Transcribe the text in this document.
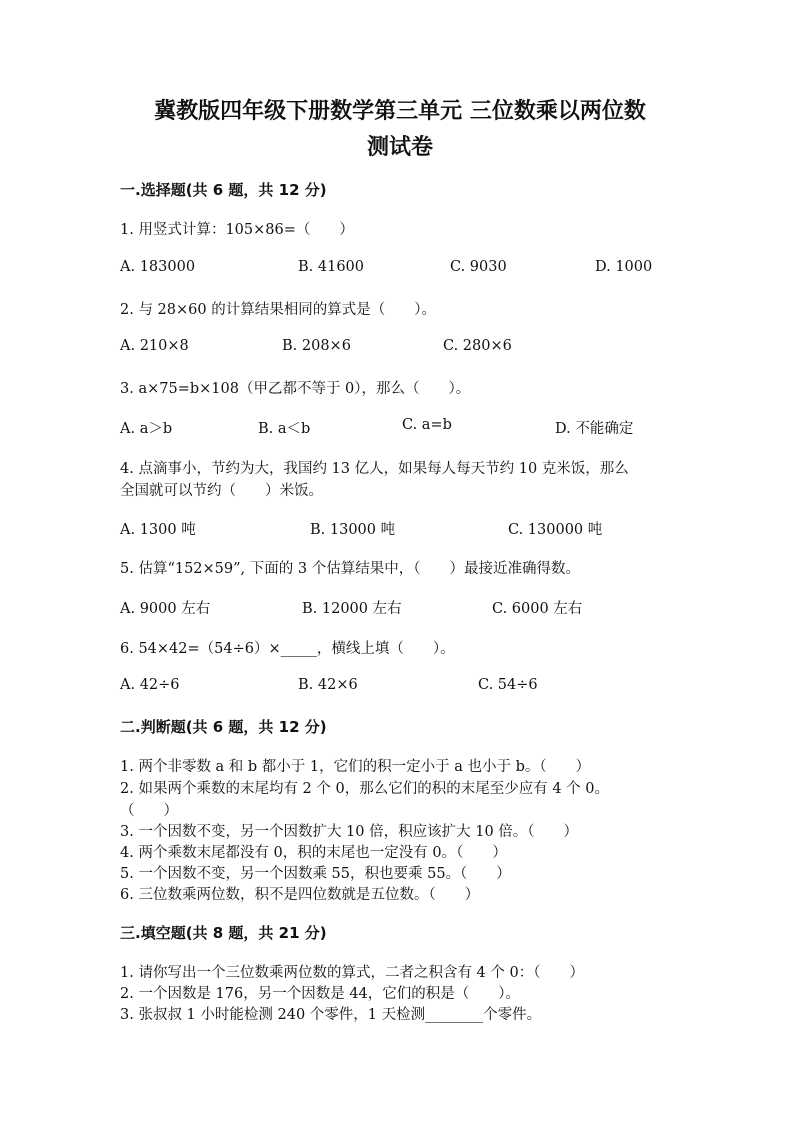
冀教版四年级下册数学第三单元 三位数乘以两位数
测试卷
一.选择题(共 6 题，共 12 分)
1. 用竖式计算：105×86=（　　）
A. 183000	B. 41600	C. 9030	D. 1000
2. 与 28×60 的计算结果相同的算式是（　　）。
A. 210×8	B. 208×6	C. 280×6
3. a×75=b×108（甲乙都不等于 0），那么（　　）。
A. a＞b	B. a＜b	C. a=b	D. 不能确定
4. 点滴事小，节约为大，我国约 13 亿人，如果每人每天节约 10 克米饭，那么
全国就可以节约（　　）米饭。
A. 1300 吨	B. 13000 吨	C. 130000 吨
5. 估算“152×59”, 下面的 3 个估算结果中，（　　）最接近准确得数。
A. 9000 左右	B. 12000 左右	C. 6000 左右
6. 54×42=（54÷6）×_____，横线上填（　　）。
A. 42÷6	B. 42×6	C. 54÷6
二.判断题(共 6 题，共 12 分)
1. 两个非零数 a 和 b 都小于 1，它们的积一定小于 a 也小于 b。（　　）
2. 如果两个乘数的末尾均有 2 个 0，那么它们的积的末尾至少应有 4 个 0。
（　　）
3. 一个因数不变，另一个因数扩大 10 倍，积应该扩大 10 倍。（　　）
4. 两个乘数末尾都没有 0，积的末尾也一定没有 0。（　　）
5. 一个因数不变，另一个因数乘 55，积也要乘 55。（　　）
6. 三位数乘两位数，积不是四位数就是五位数。（　　）
三.填空题(共 8 题，共 21 分)
1. 请你写出一个三位数乘两位数的算式，二者之积含有 4 个 0：（　　）
2. 一个因数是 176，另一个因数是 44，它们的积是（　　）。
3. 张叔叔 1 小时能检测 240 个零件，1 天检测________个零件。
